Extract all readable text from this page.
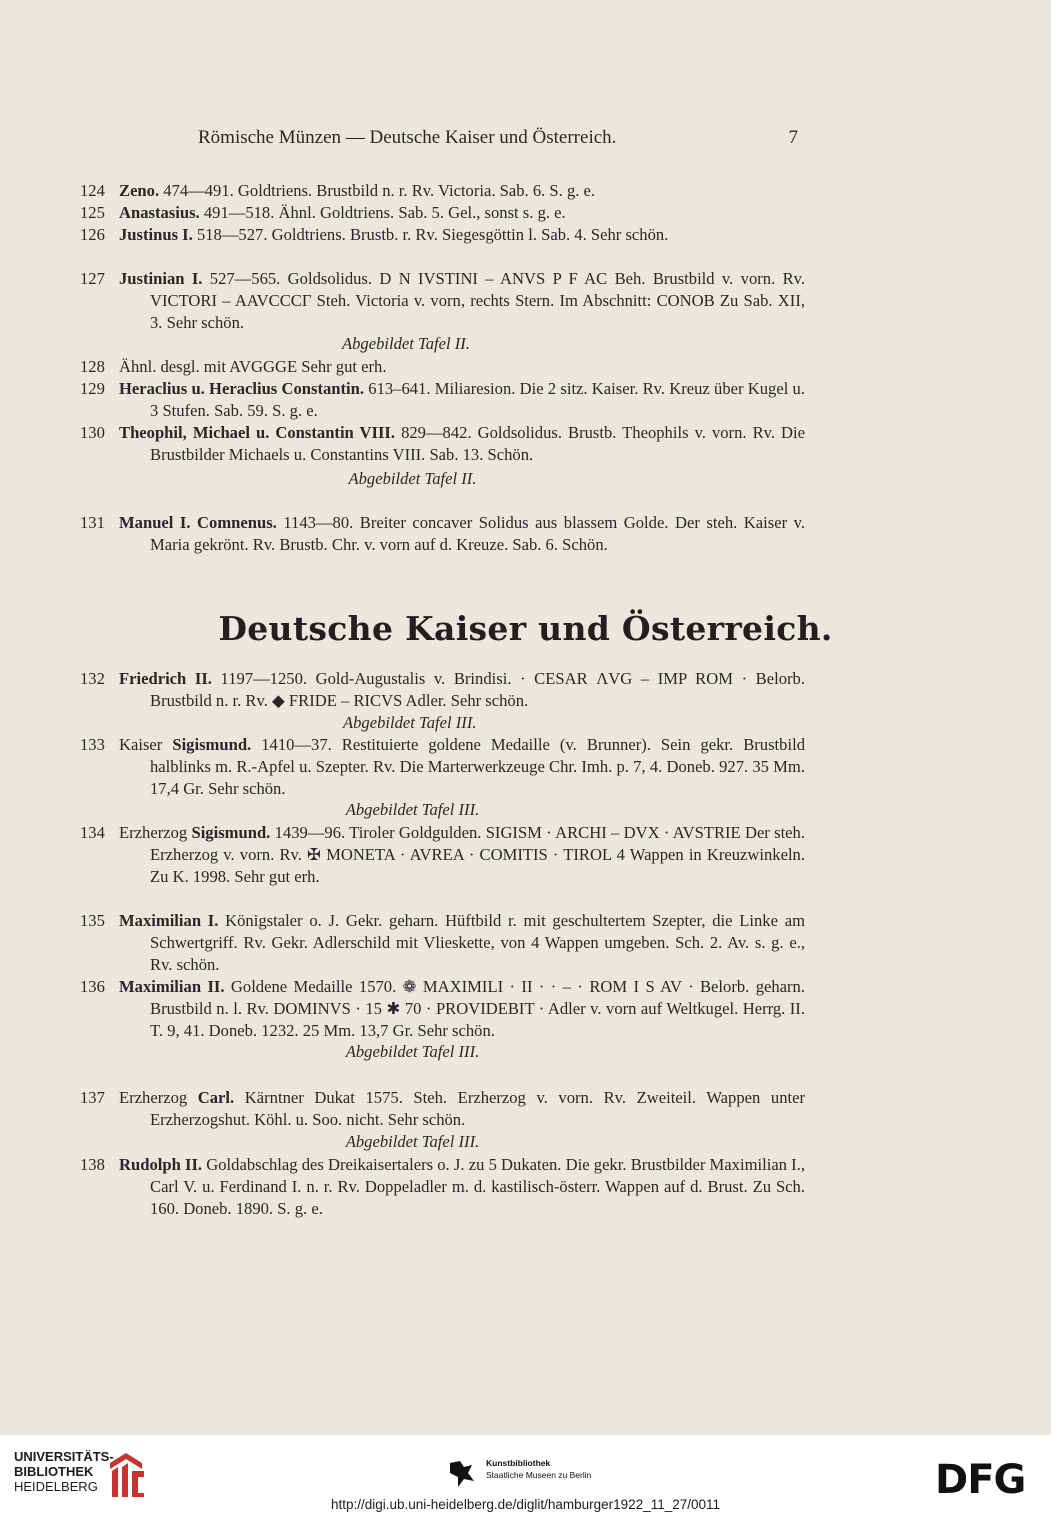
Römische Münzen — Deutsche Kaiser und Österreich.	7
124 Zeno. 474—491. Goldtriens. Brustbild n. r. Rv. Victoria. Sab. 6. S. g. e.
125 Anastasius. 491—518. Ähnl. Goldtriens. Sab. 5. Gel., sonst s. g. e.
126 Justinus I. 518—527. Goldtriens. Brustb. r. Rv. Siegesgöttin l. Sab. 4. Sehr schön.
127 Justinian I. 527—565. Goldsolidus. D N IVSTINI – ANVS P F AC Beh. Brustbild v. vorn. Rv. VICTORI – AAVCCCΓ Steh. Victoria v. vorn, rechts Stern. Im Abschnitt: CONOB Zu Sab. XII, 3. Sehr schön.
Abgebildet Tafel II.
128 Ähnl. desgl. mit AVGGGE Sehr gut erh.
129 Heraclius u. Heraclius Constantin. 613–641. Miliaresion. Die 2 sitz. Kaiser. Rv. Kreuz über Kugel u. 3 Stufen. Sab. 59. S. g. e.
130 Theophil, Michael u. Constantin VIII. 829—842. Goldsolidus. Brustb. Theophils v. vorn. Rv. Die Brustbilder Michaels u. Constantins VIII. Sab. 13. Schön.
Abgebildet Tafel II.
131 Manuel I. Comnenus. 1143—80. Breiter concaver Solidus aus blassem Golde. Der steh. Kaiser v. Maria gekrönt. Rv. Brustb. Chr. v. vorn auf d. Kreuze. Sab. 6. Schön.
Deutsche Kaiser und Österreich.
132 Friedrich II. 1197—1250. Gold-Augustalis v. Brindisi. · CESAR ΛVG – IMP ROM · Belorb. Brustbild n. r. Rv. ◆ FRIDE – RICVS Adler. Sehr schön.
Abgebildet Tafel III.
133 Kaiser Sigismund. 1410—37. Restituierte goldene Medaille (v. Brunner). Sein gekr. Brustbild halblinks m. R.-Apfel u. Szepter. Rv. Die Marterwerkzeuge Chr. Imh. p. 7, 4. Doneb. 927. 35 Mm. 17,4 Gr. Sehr schön.
Abgebildet Tafel III.
134 Erzherzog Sigismund. 1439—96. Tiroler Goldgulden. SIGISM · ARCHI – DVX · AVSTRIE Der steh. Erzherzog v. vorn. Rv. ✠ MONETA · AVREA · COMITIS · TIROL 4 Wappen in Kreuzwinkeln. Zu K. 1998. Sehr gut erh.
135 Maximilian I. Königstaler o. J. Gekr. geharn. Hüftbild r. mit geschultertem Szepter, die Linke am Schwertgriff. Rv. Gekr. Adlerschild mit Vlieskette, von 4 Wappen umgeben. Sch. 2. Av. s. g. e., Rv. schön.
136 Maximilian II. Goldene Medaille 1570. ❁ MAXIMILI · II · · – · ROM I S AV · Belorb. geharn. Brustbild n. l. Rv. DOMINVS · 15 ✱ 70 · PROVIDEBIT · Adler v. vorn auf Weltkugel. Herrg. II. T. 9, 41. Doneb. 1232. 25 Mm. 13,7 Gr. Sehr schön.
Abgebildet Tafel III.
137 Erzherzog Carl. Kärntner Dukat 1575. Steh. Erzherzog v. vorn. Rv. Zweiteil. Wappen unter Erzherzogshut. Köhl. u. Soo. nicht. Sehr schön.
Abgebildet Tafel III.
138 Rudolph II. Goldabschlag des Dreikaisertalers o. J. zu 5 Dukaten. Die gekr. Brustbilder Maximilian I., Carl V. u. Ferdinand I. n. r. Rv. Doppeladler m. d. kastilisch-österr. Wappen auf d. Brust. Zu Sch. 160. Doneb. 1890. S. g. e.
UNIVERSITÄTS-
BIBLIOTHEK
HEIDELBERG
Kunstbibliothek
Staatliche Museen zu Berlin	DFG
http://digi.ub.uni-heidelberg.de/diglit/hamburger1922_11_27/0011
